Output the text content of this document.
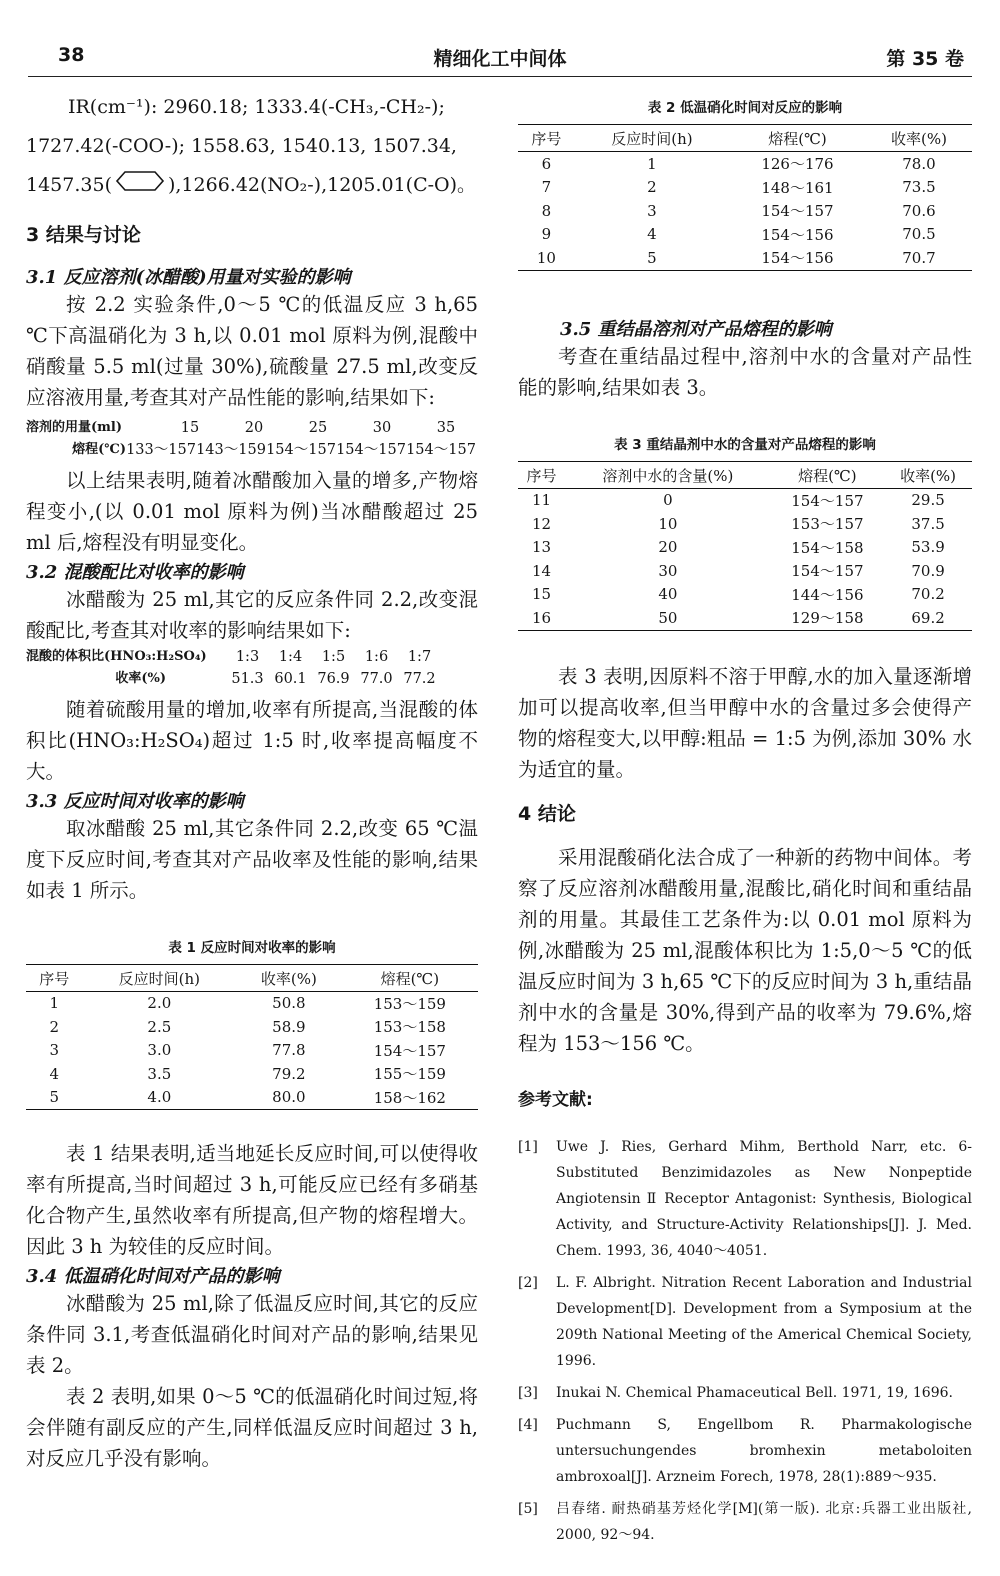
38	精细化工中间体	第 35 卷

IR(cm⁻¹): 2960.18; 1333.4(-CH₃,-CH₂-);

1727.42(-COO-); 1558.63, 1540.13, 1507.34,

1457.35(	),1266.42(NO₂-),1205.01(C-O)。

3 结果与讨论

3.1 反应溶剂(冰醋酸)用量对实验的影响

按 2.2 实验条件,0～5 ℃的低温反应 3 h,65 ℃下高温硝化为 3 h,以 0.01 mol 原料为例,混酸中硝酸量 5.5 ml(过量 30%),硫酸量 27.5 ml,改变反应溶液用量,考查其对产品性能的影响,结果如下:

溶剂的用量(ml)	15	20	25	30	35
熔程(℃) 133～157 143～159 154～157 154～157 154～157

以上结果表明,随着冰醋酸加入量的增多,产物熔程变小,(以 0.01 mol 原料为例)当冰醋酸超过 25 ml 后,熔程没有明显变化。

3.2 混酸配比对收率的影响

冰醋酸为 25 ml,其它的反应条件同 2.2,改变混酸配比,考查其对收率的影响结果如下:

混酸的体积比(HNO₃:H₂SO₄)	1:3	1:4	1:5	1:6	1:7
收率(%)	51.3 60.1 76.9 77.0 77.2

随着硫酸用量的增加,收率有所提高,当混酸的体积比(HNO₃:H₂SO₄)超过 1:5 时,收率提高幅度不大。

3.3 反应时间对收率的影响

取冰醋酸 25 ml,其它条件同 2.2,改变 65 ℃温度下反应时间,考查其对产品收率及性能的影响,结果如表 1 所示。

表 1 反应时间对收率的影响

序号	反应时间(h)	收率(%)	熔程(℃)
1	2.0	50.8	153～159
2	2.5	58.9	153～158
3	3.0	77.8	154～157
4	3.5	79.2	155～159
5	4.0	80.0	158～162

表 1 结果表明,适当地延长反应时间,可以使得收率有所提高,当时间超过 3 h,可能反应已经有多硝基化合物产生,虽然收率有所提高,但产物的熔程增大。因此 3 h 为较佳的反应时间。

3.4 低温硝化时间对产品的影响

冰醋酸为 25 ml,除了低温反应时间,其它的反应条件同 3.1,考查低温硝化时间对产品的影响,结果见表 2。

表 2 表明,如果 0～5 ℃的低温硝化时间过短,将会伴随有副反应的产生,同样低温反应时间超过 3 h,对反应几乎没有影响。

表 2 低温硝化时间对反应的影响

序号	反应时间(h)	熔程(℃)	收率(%)
6	1	126～176	78.0
7	2	148～161	73.5
8	3	154～157	70.6
9	4	154～156	70.5
10	5	154～156	70.7

3.5 重结晶溶剂对产品熔程的影响

考查在重结晶过程中,溶剂中水的含量对产品性能的影响,结果如表 3。

表 3 重结晶剂中水的含量对产品熔程的影响

序号	溶剂中水的含量(%)	熔程(℃)	收率(%)
11	0	154～157	29.5
12	10	153～157	37.5
13	20	154～158	53.9
14	30	154～157	70.9
15	40	144～156	70.2
16	50	129～158	69.2

表 3 表明,因原料不溶于甲醇,水的加入量逐渐增加可以提高收率,但当甲醇中水的含量过多会使得产物的熔程变大,以甲醇:粗品 = 1:5 为例,添加 30% 水为适宜的量。

4 结论

采用混酸硝化法合成了一种新的药物中间体。考察了反应溶剂冰醋酸用量,混酸比,硝化时间和重结晶剂的用量。其最佳工艺条件为:以 0.01 mol 原料为例,冰醋酸为 25 ml,混酸体积比为 1:5,0～5 ℃的低温反应时间为 3 h,65 ℃下的反应时间为 3 h,重结晶剂中水的含量是 30%,得到产品的收率为 79.6%,熔程为 153～156 ℃。

参考文献:

[1]	Uwe J. Ries, Gerhard Mihm, Berthold Narr, etc. 6-Substituted Benzimidazoles as New Nonpeptide Angiotensin Ⅱ Receptor Antagonist: Synthesis, Biological Activity, and Structure-Activity Relationships[J]. J. Med. Chem. 1993, 36, 4040～4051.
[2]	L. F. Albright. Nitration Recent Laboration and Industrial Development[D]. Development from a Symposium at the 209th National Meeting of the Americal Chemical Society, 1996.
[3]	Inukai N. Chemical Phamaceutical Bell. 1971, 19, 1696.
[4]	Puchmann S, Engellbom R. Pharmakologische untersuchungendes bromhexin metaboloiten ambroxoal[J]. Arzneim Forech, 1978, 28(1):889～935.
[5]	吕春绪. 耐热硝基芳烃化学[M](第一版). 北京:兵器工业出版社, 2000, 92～94.
